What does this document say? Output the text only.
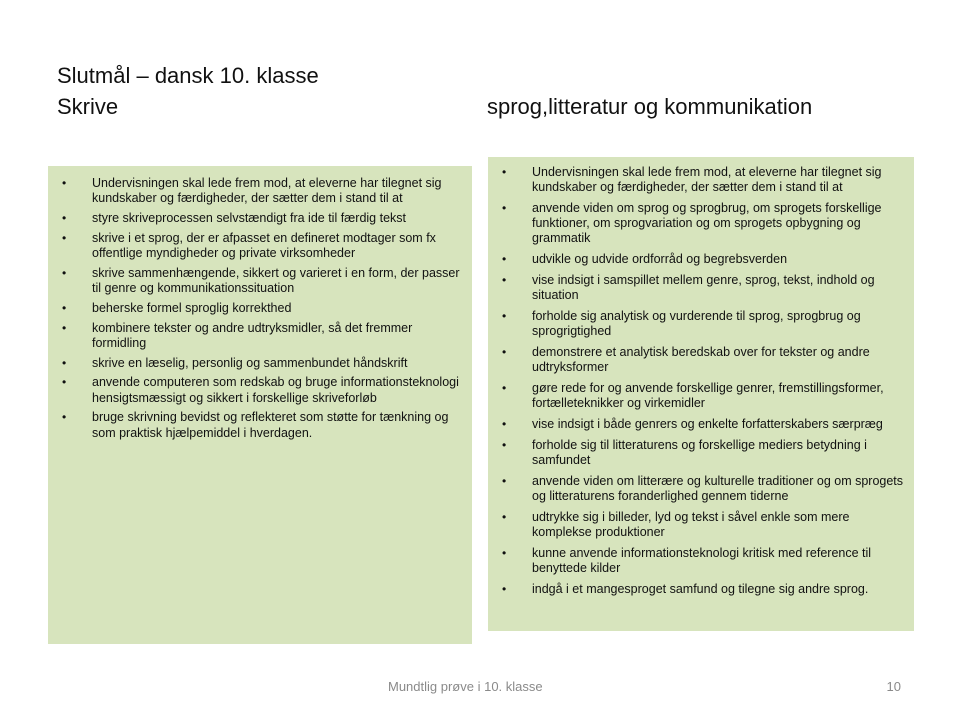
Slutmål – dansk 10. klasse
Skrive	sprog,litteratur og kommunikation
• Undervisningen skal lede frem mod, at eleverne har tilegnet sig kundskaber og færdigheder, der sætter dem i stand til at
• styre skriveprocessen selvstændigt fra ide til færdig tekst
• skrive i et sprog, der er afpasset en defineret modtager som fx offentlige myndigheder og private virksomheder
• skrive sammenhængende, sikkert og varieret i en form, der passer til genre og kommunikationssituation
• beherske formel sproglig korrekthed
• kombinere tekster og andre udtryksmidler, så det fremmer formidling
• skrive en læselig, personlig og sammenbundet håndskrift
• anvende computeren som redskab og bruge informationsteknologi hensigtsmæssigt og sikkert i forskellige skriveforløb
• bruge skrivning bevidst og reflekteret som støtte for tænkning og som praktisk hjælpemiddel i hverdagen.
• Undervisningen skal lede frem mod, at eleverne har tilegnet sig kundskaber og færdigheder, der sætter dem i stand til at
• anvende viden om sprog og sprogbrug, om sprogets forskellige funktioner, om sprogvariation og om sprogets opbygning og grammatik
• udvikle og udvide ordforråd og begrebsverden
• vise indsigt i samspillet mellem genre, sprog, tekst, indhold og situation
• forholde sig analytisk og vurderende til sprog, sprogbrug og sprogrigtighed
• demonstrere et analytisk beredskab over for tekster og andre udtryksformer
• gøre rede for og anvende forskellige genrer, fremstillingsformer, fortælleteknikker og virkemidler
• vise indsigt i både genrers og enkelte forfatterskabers særpræg
• forholde sig til litteraturens og forskellige mediers betydning i samfundet
• anvende viden om litterære og kulturelle traditioner og om sprogets og litteraturens foranderlighed gennem tiderne
• udtrykke sig i billeder, lyd og tekst i såvel enkle som mere komplekse produktioner
• kunne anvende informationsteknologi kritisk med reference til benyttede kilder
• indgå i et mangesproget samfund og tilegne sig andre sprog.
Mundtlig prøve i 10. klasse	10
